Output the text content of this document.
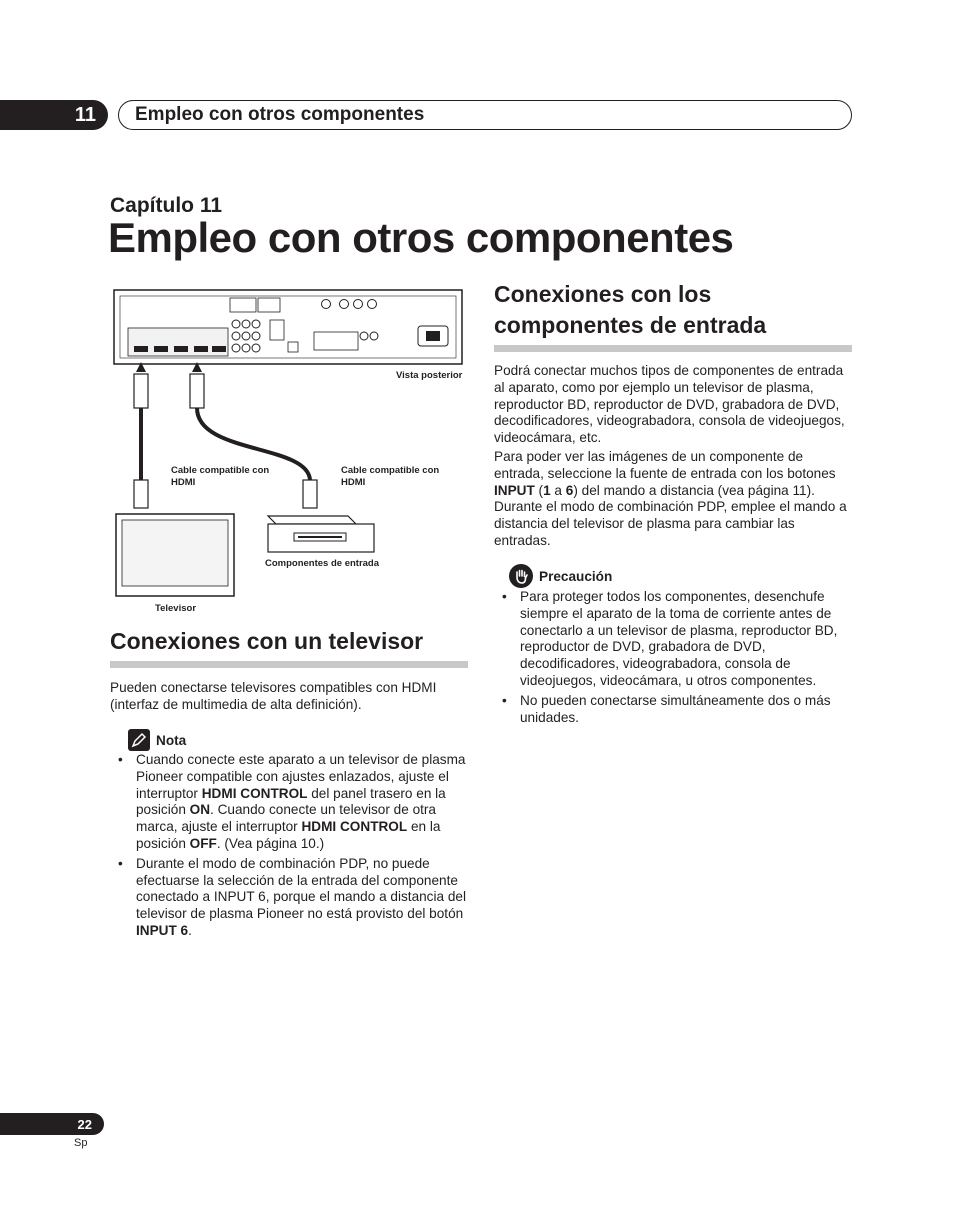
11 Empleo con otros componentes
Capítulo 11
Empleo con otros componentes
Vista posterior
Cable compatible con
HDMI
Cable compatible con
HDMI
Componentes de entrada
Televisor
Conexiones con un televisor

Pueden conectarse televisores compatibles con HDMI (interfaz de multimedia de alta definición).

Nota
• Cuando conecte este aparato a un televisor de plasma Pioneer compatible con ajustes enlazados, ajuste el interruptor HDMI CONTROL del panel trasero en la posición ON. Cuando conecte un televisor de otra marca, ajuste el interruptor HDMI CONTROL en la posición OFF. (Vea página 10.)
• Durante el modo de combinación PDP, no puede efectuarse la selección de la entrada del componente conectado a INPUT 6, porque el mando a distancia del televisor de plasma Pioneer no está provisto del botón INPUT 6.
Conexiones con los
componentes de entrada

Podrá conectar muchos tipos de componentes de entrada al aparato, como por ejemplo un televisor de plasma, reproductor BD, reproductor de DVD, grabadora de DVD, decodificadores, videograbadora, consola de videojuegos, videocámara, etc.

Para poder ver las imágenes de un componente de entrada, seleccione la fuente de entrada con los botones INPUT (1 a 6) del mando a distancia (vea página 11). Durante el modo de combinación PDP, emplee el mando a distancia del televisor de plasma para cambiar las entradas.

Precaución
• Para proteger todos los componentes, desenchufe siempre el aparato de la toma de corriente antes de conectarlo a un televisor de plasma, reproductor BD, reproductor de DVD, grabadora de DVD, decodificadores, videograbadora, consola de videojuegos, videocámara, u otros componentes.
• No pueden conectarse simultáneamente dos o más unidades.
22
Sp
